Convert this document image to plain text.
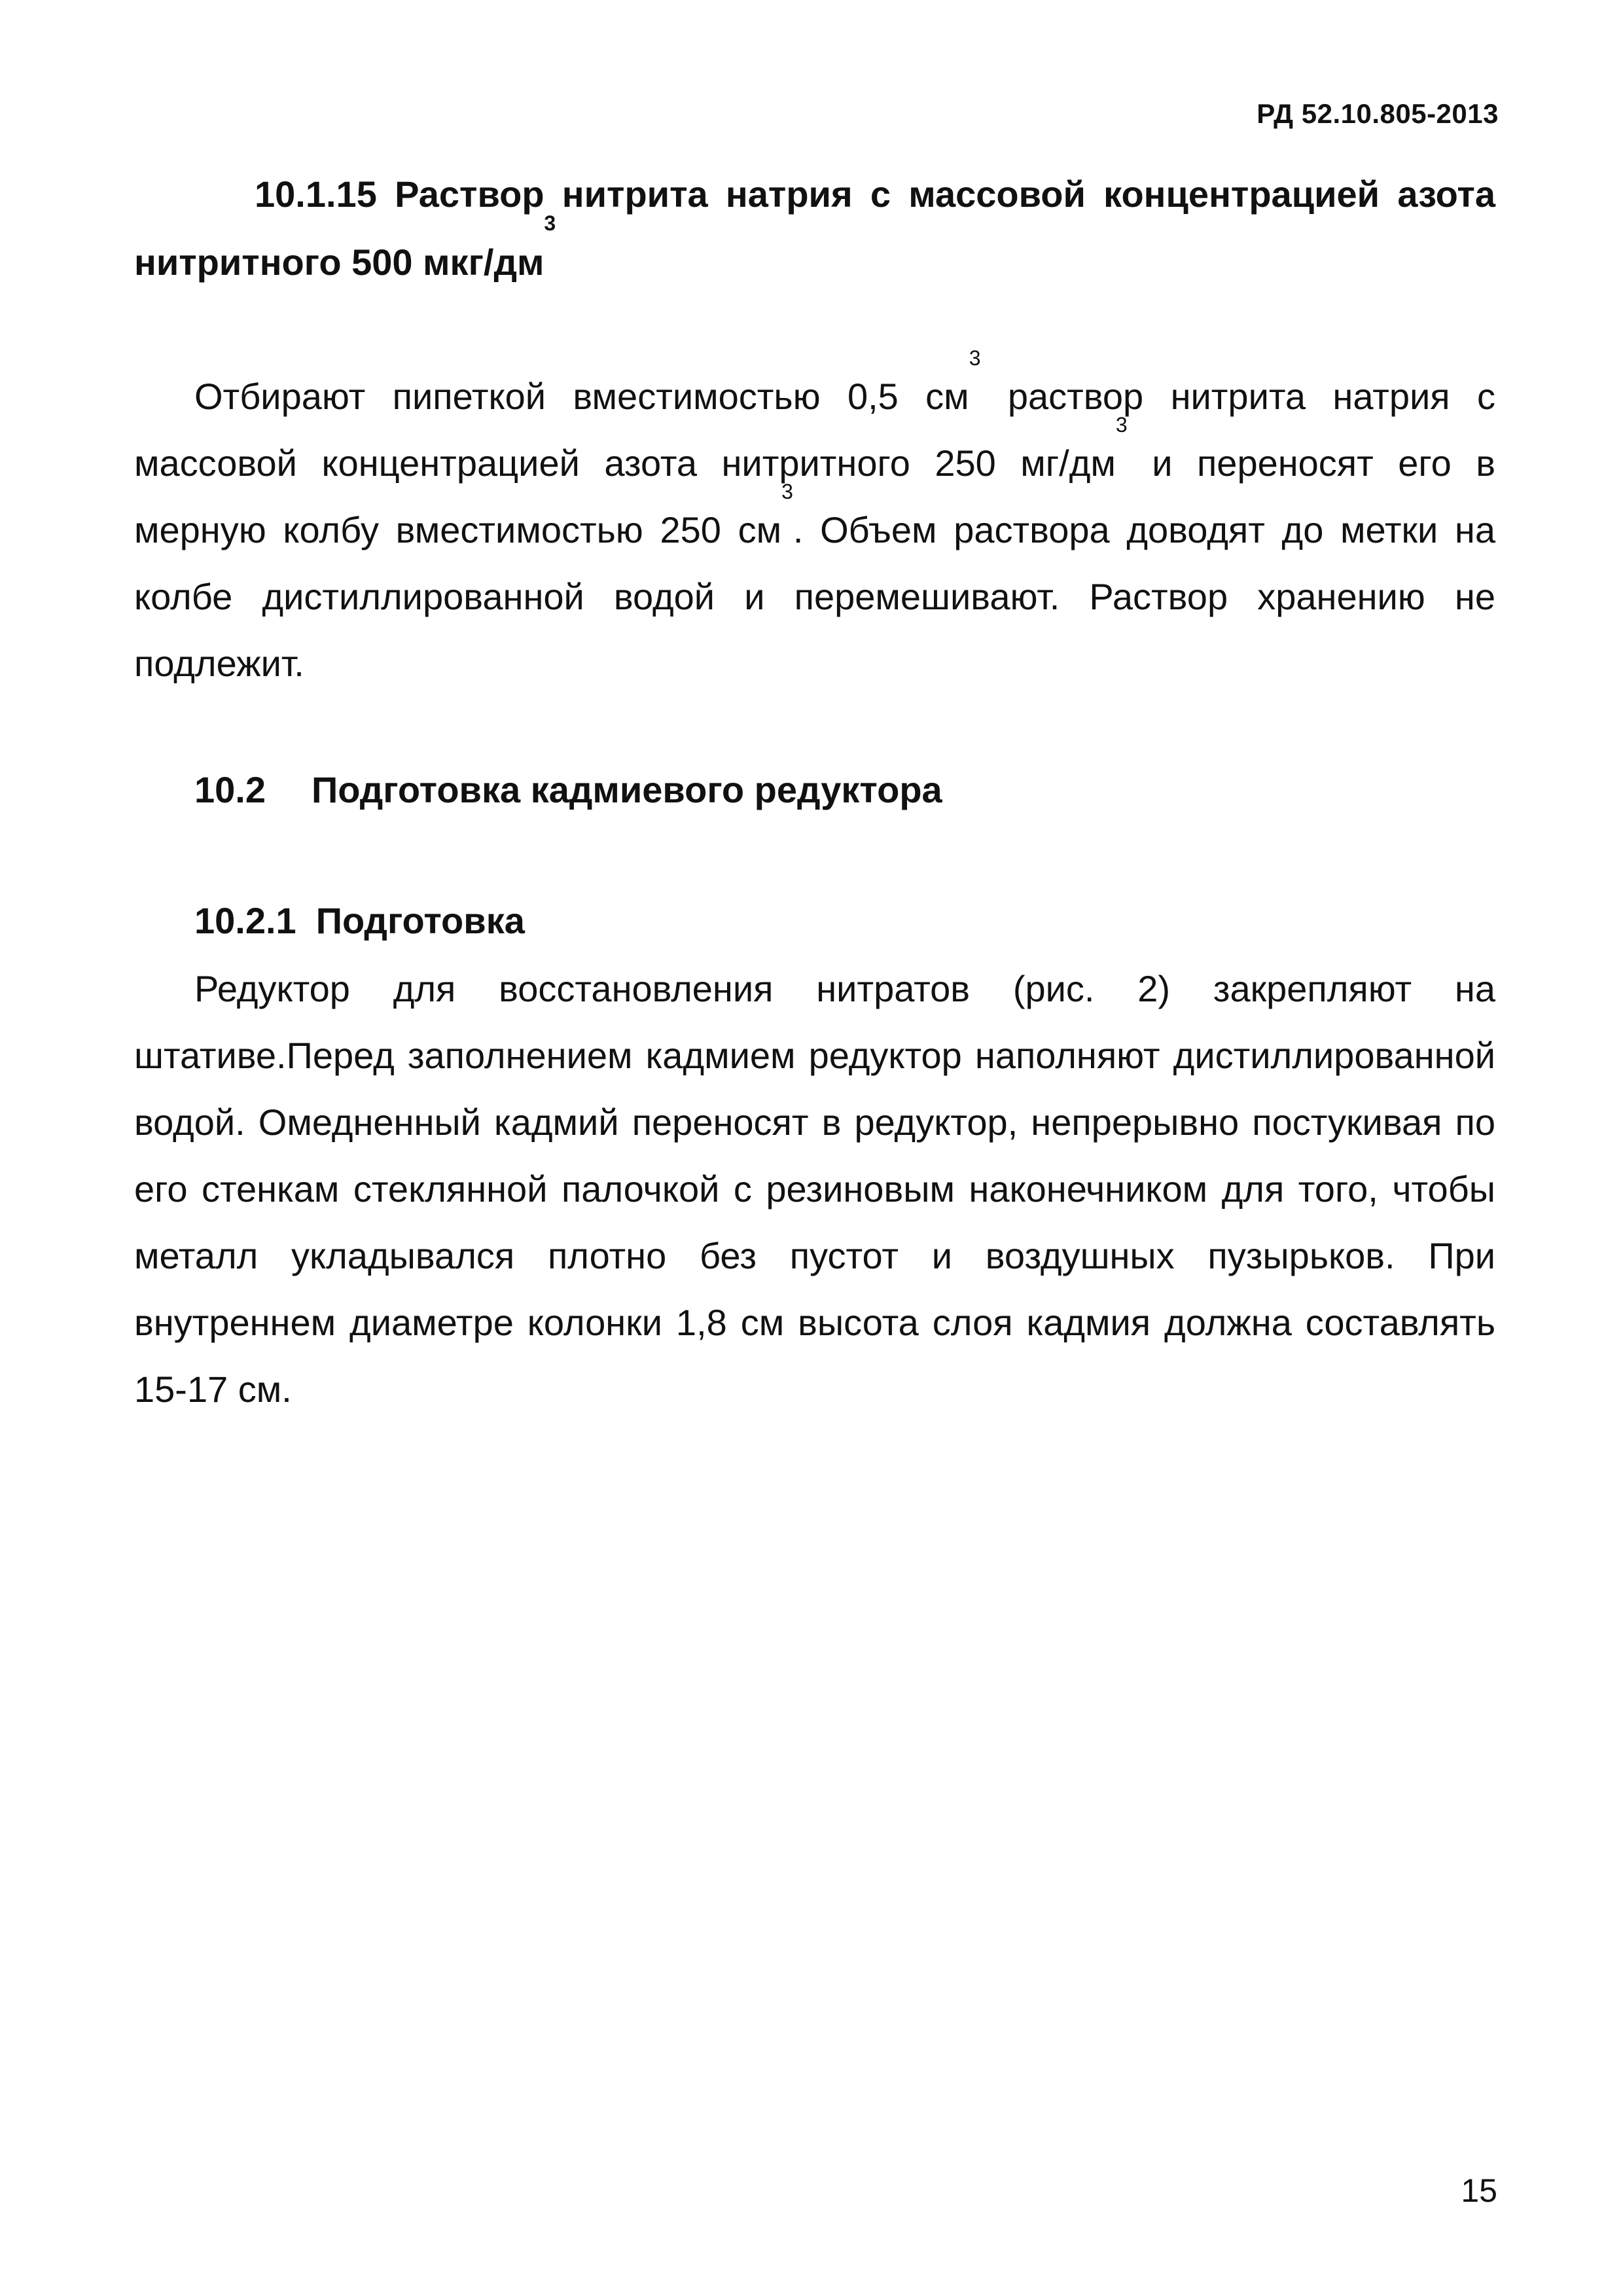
РД 52.10.805-2013

10.1.15 Раствор нитрита натрия с массовой концентрацией азота нитритного 500 мкг/$дм^3$

Отбирают пипеткой вместимостью 0,5 $см^3$ раствор нитрита натрия с массовой концентрацией азота нитритного 250 $мг/дм^3$ и переносят его в мерную колбу вместимостью 250 $см^3$. Объем раствора доводят до метки на колбе дистиллированной водой и перемешивают. Раствор хранению не подлежит.

10.2 Подготовка кадмиевого редуктора

10.2.1 Подготовка

Редуктор для восстановления нитратов (рис. 2) закрепляют на штативе.Перед заполнением кадмием редуктор наполняют дистиллированной водой. Омедненный кадмий переносят в редуктор, непрерывно постукивая по его стенкам стеклянной палочкой с резиновым наконечником для того, чтобы металл укладывался плотно без пустот и воздушных пузырьков. При внутреннем диаметре колонки 1,8 см высота слоя кадмия должна составлять 15-17 см.

15
